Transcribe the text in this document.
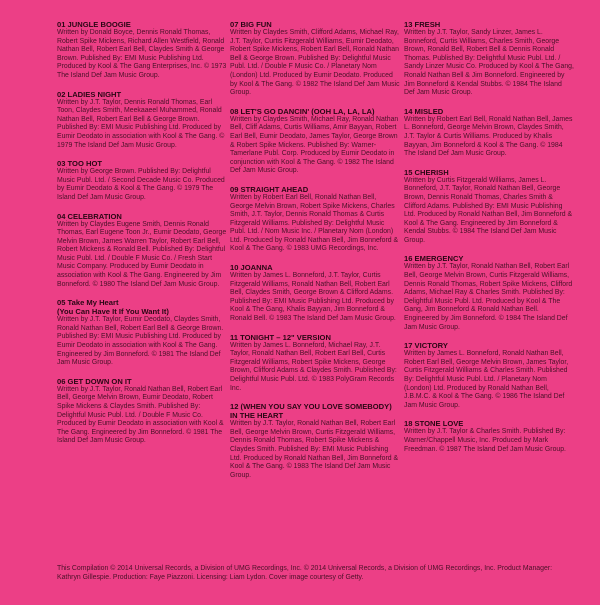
01 JUNGLE BOOGIE
Written by Donald Boyce, Dennis Ronald Thomas, Robert Spike Mickens, Richard Allen Westfield, Ronald Nathan Bell, Robert Earl Bell, Claydes Smith & George Brown. Published By: EMI Music Publishing Ltd. Produced by Kool & The Gang Enterprises, Inc. © 1973 The Island Def Jam Music Group.
02 LADIES NIGHT
Written by J.T. Taylor, Dennis Ronald Thomas, Earl Toon, Claydes Smith, Meekaaeel Muhammed, Ronald Nathan Bell, Robert Earl Bell & George Brown. Published By: EMI Music Publishing Ltd. Produced by Eumir Deodato in association with Kool & The Gang. © 1979 The Island Def Jam Music Group.
03 TOO HOT
Written by George Brown. Published By: Delightful Music Publ. Ltd. / Second Decade Music Co. Produced by Eumir Deodato & Kool & The Gang. © 1979 The Island Def Jam Music Group.
04 CELEBRATION
Written by Claydes Eugene Smith, Dennis Ronald Thomas, Earl Eugene Toon Jr., Eumir Deodato, George Melvin Brown, James Warren Taylor, Robert Earl Bell, Robert Mickens & Ronald Bell. Published By: Delightful Music Publ. Ltd. / Double F Music Co. / Fresh Start Music Company. Produced by Eumir Deodato in association with Kool & The Gang. Engineered by Jim Bonneford. © 1980 The Island Def Jam Music Group.
05 Take My Heart
(You Can Have It If You Want It)
Written by J.T. Taylor, Eumir Deodato, Claydes Smith, Ronald Nathan Bell, Robert Earl Bell & George Brown. Published By: EMI Music Publishing Ltd. Produced by Eumir Deodato in association with Kool & The Gang. Engineered by Jim Bonneford. © 1981 The Island Def Jam Music Group.
06 GET DOWN ON IT
Written by J.T. Taylor, Ronald Nathan Bell, Robert Earl Bell, George Melvin Brown, Eumir Deodato, Robert Spike Mickens & Claydes Smith. Published By: Delightful Music Publ. Ltd. / Double F Music Co. Produced by Eumir Deodato in association with Kool & The Gang. Engineered by Jim Bonneford. © 1981 The Island Def Jam Music Group.
07 BIG FUN
Written by Claydes Smith, Clifford Adams, Michael Ray, J.T. Taylor, Curtis Fitzgerald Williams, Eumir Deodato, Robert Spike Mickens, Robert Earl Bell, Ronald Nathan Bell & George Brown. Published By: Delightful Music Publ. Ltd. / Double F Music Co. / Planetary Nom (London) Ltd. Produced by Eumir Deodato. Produced by Kool & The Gang. © 1982 The Island Def Jam Music Group.
08 LET'S GO DANCIN' (OOH LA, LA, LA)
Written by Claydes Smith, Michael Ray, Ronald Nathan Bell, Cliff Adams, Curtis Williams, Amir Bayyan, Robert Earl Bell, Eumir Deodato, James Taylor, George Brown & Robert Spike Mickens. Published By: Warner-Tamerlane Publ. Corp. Produced by Eumir Deodato in conjunction with Kool & The Gang. © 1982 The Island Def Jam Music Group.
09 STRAIGHT AHEAD
Written by Robert Earl Bell, Ronald Nathan Bell, George Melvin Brown, Robert Spike Mickens, Charles Smith, J.T. Taylor, Dennis Ronald Thomas & Curtis Fitzgerald Williams. Published By: Delightful Music Publ. Ltd. / Nom Music Inc. / Planetary Nom (London) Ltd. Produced by Ronald Nathan Bell, Jim Bonneford & Kool & The Gang. © 1983 UMG Recordings, Inc.
10 JOANNA
Written by James L. Bonneford, J.T. Taylor, Curtis Fitzgerald Williams, Ronald Nathan Bell, Robert Earl Bell, Claydes Smith, George Brown & Clifford Adams. Published By: EMI Music Publishing Ltd. Produced by Kool & The Gang, Khalis Bayyan, Jim Bonneford & Ronald Bell. © 1983 The Island Def Jam Music Group.
11 TONIGHT – 12" VERSION
Written by James L. Bonneford, Michael Ray, J.T. Taylor, Ronald Nathan Bell, Robert Earl Bell, Curtis Fitzgerald Williams, Robert Spike Mickens, George Brown, Clifford Adams & Claydes Smith. Published By: Delightful Music Publ. Ltd. © 1983 PolyGram Records Inc.
12 (WHEN YOU SAY YOU LOVE SOMEBODY) IN THE HEART
Written by J.T. Taylor, Ronald Nathan Bell, Robert Earl Bell, George Melvin Brown, Curtis Fitzgerald Williams, Dennis Ronald Thomas, Robert Spike Mickens & Claydes Smith. Published By: EMI Music Publishing Ltd. Produced by Ronald Nathan Bell, Jim Bonneford & Kool & The Gang. © 1983 The Island Def Jam Music Group.
13 FRESH
Written by J.T. Taylor, Sandy Linzer, James L. Bonneford, Curtis Williams, Charles Smith, George Brown, Ronald Bell, Robert Bell & Dennis Ronald Thomas. Published By: Delightful Music Publ. Ltd. / Sandy Linzer Music Co. Produced by Kool & The Gang, Ronald Nathan Bell & Jim Bonneford. Engineered by Jim Bonneford & Kendal Stubbs. © 1984 The Island Def Jam Music Group.
14 MISLED
Written by Robert Earl Bell, Ronald Nathan Bell, James L. Bonneford, George Melvin Brown, Claydes Smith, J.T. Taylor & Curtis Williams. Produced by Khalis Bayyan, Jim Bonneford & Kool & The Gang. © 1984 The Island Def Jam Music Group.
15 CHERISH
Written by Curtis Fitzgerald Williams, James L. Bonneford, J.T. Taylor, Ronald Nathan Bell, George Brown, Dennis Ronald Thomas, Charles Smith & Clifford Adams. Published By: EMI Music Publishing Ltd. Produced by Ronald Nathan Bell, Jim Bonneford & Kool & The Gang. Engineered by Jim Bonneford & Kendal Stubbs. © 1984 The Island Def Jam Music Group.
16 EMERGENCY
Written by J.T. Taylor, Ronald Nathan Bell, Robert Earl Bell, George Melvin Brown, Curtis Fitzgerald Williams, Dennis Ronald Thomas, Robert Spike Mickens, Clifford Adams, Michael Ray & Charles Smith. Published By: Delightful Music Publ. Ltd. Produced by Kool & The Gang, Jim Bonneford & Ronald Nathan Bell. Engineered by Jim Bonneford. © 1984 The Island Def Jam Music Group.
17 VICTORY
Written by James L. Bonneford, Ronald Nathan Bell, Robert Earl Bell, George Melvin Brown, James Taylor, Curtis Fitzgerald Williams & Charles Smith. Published By: Delightful Music Publ. Ltd. / Planetary Nom (London) Ltd. Produced by Ronald Nathan Bell, J.B.M.C. & Kool & The Gang. © 1986 The Island Def Jam Music Group.
18 STONE LOVE
Written by J.T. Taylor & Charles Smith. Published By: Warner/Chappell Music, Inc. Produced by Mark Freedman. © 1987 The Island Def Jam Music Group.
This Compilation © 2014 Universal Records, a Division of UMG Recordings, Inc. © 2014 Universal Records, a Division of UMG Recordings, Inc. Product Manager: Kathryn Gillespie. Production: Faye Piazzoni. Licensing: Liam Lydon. Cover image courtesy of Getty.
